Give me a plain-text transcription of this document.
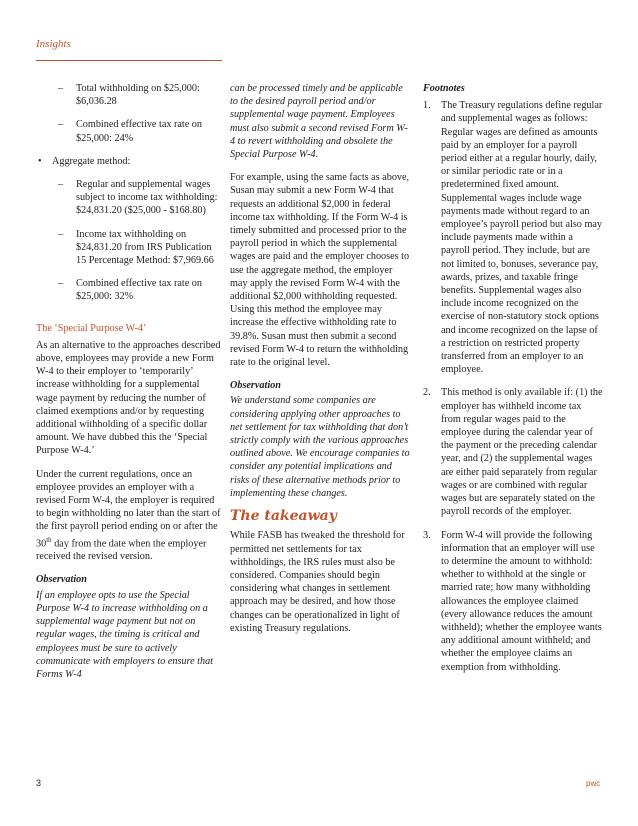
Insights
– Total withholding on $25,000: $6,036.28
– Combined effective tax rate on $25,000: 24%
• Aggregate method:
– Regular and supplemental wages subject to income tax withholding: $24,831.20 ($25,000 - $168.80)
– Income tax withholding on $24,831.20 from IRS Publication 15 Percentage Method: $7,969.66
– Combined effective tax rate on $25,000: 32%
The ‘Special Purpose W-4’

As an alternative to the approaches described above, employees may provide a new Form W-4 to their employer to ‘temporarily’ increase withholding for a supplemental wage payment by reducing the number of claimed exemptions and/or by requesting additional withholding of a specific dollar amount. We have dubbed this the ‘Special Purpose W-4.’

Under the current regulations, once an employee provides an employer with a revised Form W-4, the employer is required to begin withholding no later than the start of the first payroll period ending on or after the 30th day from the date when the employer received the revised version.

Observation

If an employee opts to use the Special Purpose W-4 to increase withholding on a supplemental wage payment but not on regular wages, the timing is critical and employees must be sure to actively communicate with employers to ensure that Forms W-4

can be processed timely and be applicable to the desired payroll period and/or supplemental wage payment. Employees must also submit a second revised Form W-4 to revert withholding and obsolete the Special Purpose W-4.

For example, using the same facts as above, Susan may submit a new Form W-4 that requests an additional $2,000 in federal income tax withholding. If the Form W-4 is timely submitted and processed prior to the payroll period in which the supplemental wages are paid and the employer chooses to use the aggregate method, the employer may apply the revised Form W-4 with the additional $2,000 withholding requested. Using this method the employee may increase the effective withholding rate to 39.8%. Susan must then submit a second revised Form W-4 to return the withholding rate to the original level.

Observation

We understand some companies are considering applying other approaches to net settlement for tax withholding that don’t strictly comply with the various approaches outlined above. We encourage companies to consider any potential implications and risks of these alternative methods prior to implementing these changes.

The takeaway

While FASB has tweaked the threshold for permitted net settlements for tax withholdings, the IRS rules must also be considered. Companies should begin considering what changes in settlement approach may be desired, and how those changes can be operationalized in light of existing Treasury regulations.

Footnotes
1. The Treasury regulations define regular and supplemental wages as follows: Regular wages are defined as amounts paid by an employer for a payroll period either at a regular hourly, daily, or similar periodic rate or in a predetermined fixed amount. Supplemental wages include wage payments made without regard to an employee’s payroll period but also may include payments made within a payroll period. They include, but are not limited to, bonuses, severance pay, awards, prizes, and taxable fringe benefits. Supplemental wages also include income recognized on the exercise of non-statutory stock options and income recognized on the lapse of a restriction on restricted property transferred from an employer to an employee.
2. This method is only available if: (1) the employer has withheld income tax from regular wages paid to the employee during the calendar year of the payment or the preceding calendar year, and (2) the supplemental wages are either paid separately from regular wages or are combined with regular wages but are separately stated on the payroll records of the employer.
3. Form W-4 will provide the following information that an employer will use to determine the amount to withhold: whether to withhold at the single or married rate; how many withholding allowances the employee claimed (every allowance reduces the amount withheld); whether the employee wants any additional amount withheld; and whether the employee claims an exemption from withholding.
3	pwc
